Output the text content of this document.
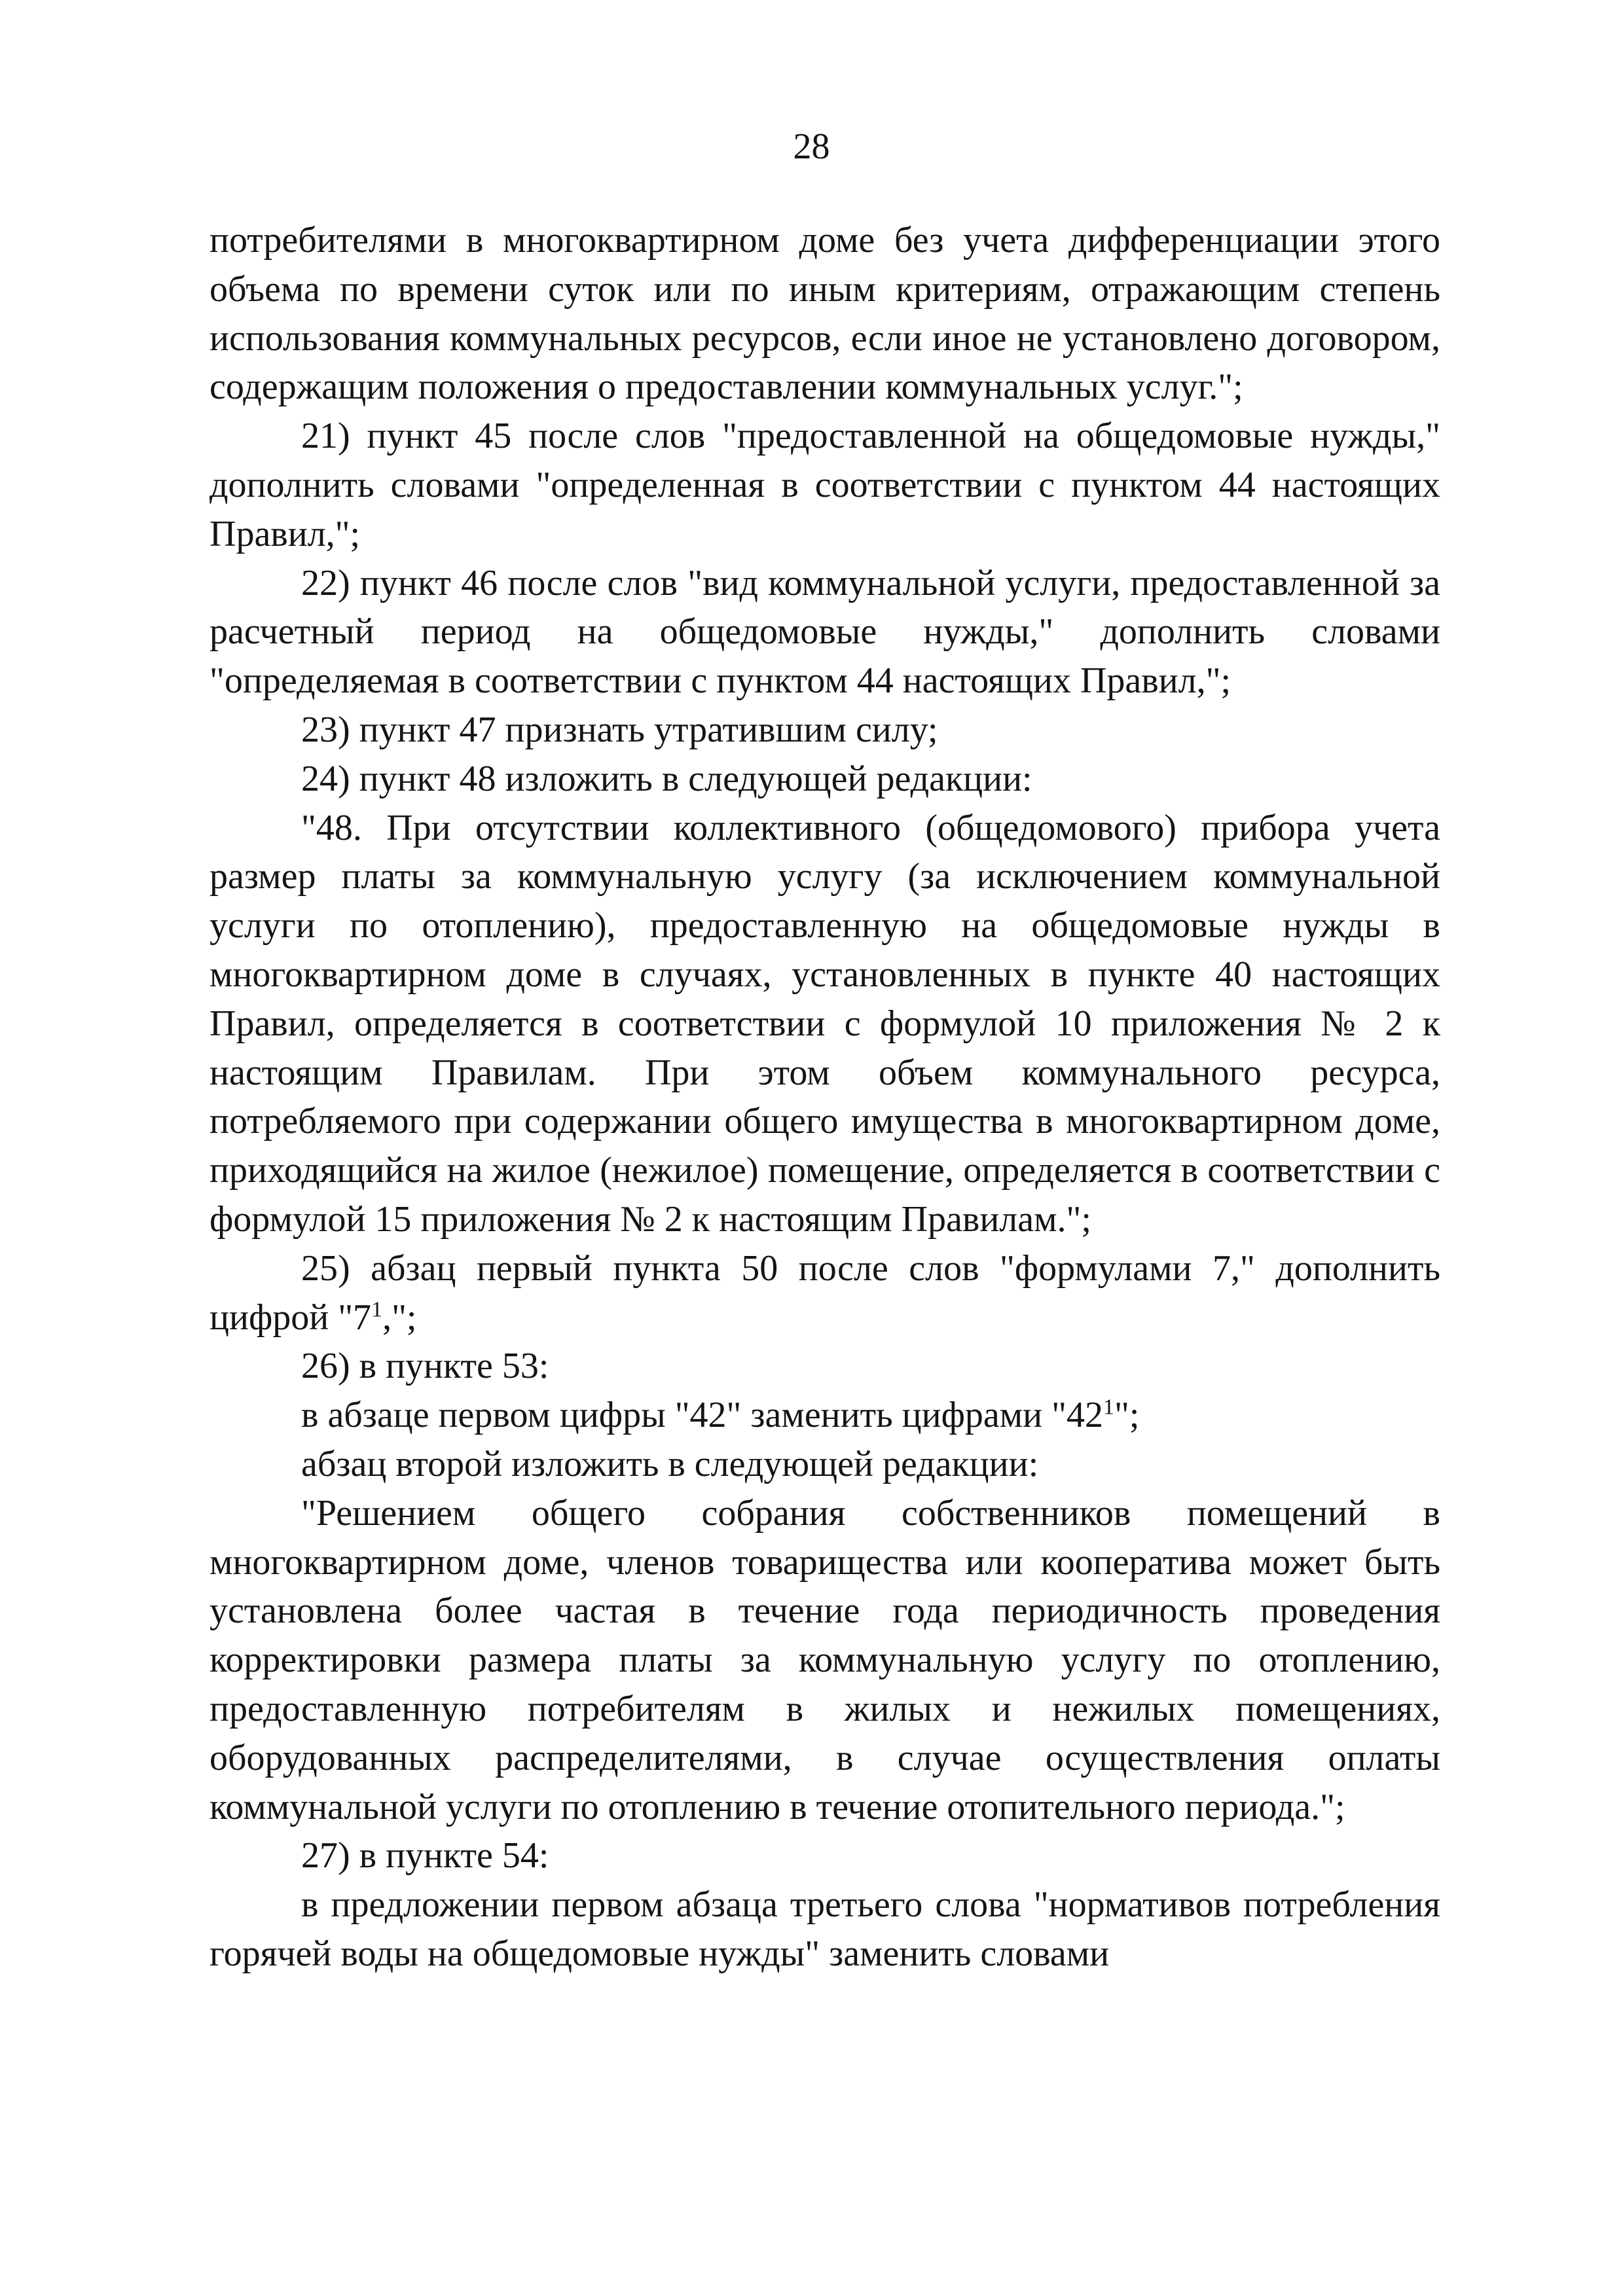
28

потребителями в многоквартирном доме без учета дифференциации этого объема по времени суток или по иным критериям, отражающим степень использования коммунальных ресурсов, если иное не установлено договором, содержащим положения о предоставлении коммунальных услуг.";

21) пункт 45 после слов "предоставленной на общедомовые нужды," дополнить словами "определенная в соответствии с пунктом 44 настоящих Правил,";

22) пункт 46 после слов "вид коммунальной услуги, предоставленной за расчетный период на общедомовые нужды," дополнить словами "определяемая в соответствии с пунктом 44 настоящих Правил,";

23) пункт 47 признать утратившим силу;

24) пункт 48 изложить в следующей редакции:

"48. При отсутствии коллективного (общедомового) прибора учета размер платы за коммунальную услугу (за исключением коммунальной услуги по отоплению), предоставленную на общедомовые нужды в многоквартирном доме в случаях, установленных в пункте 40 настоящих Правил, определяется в соответствии с формулой 10 приложения № 2 к настоящим Правилам. При этом объем коммунального ресурса, потребляемого при содержании общего имущества в многоквартирном доме, приходящийся на жилое (нежилое) помещение, определяется в соответствии с формулой 15 приложения № 2 к настоящим Правилам.";

25) абзац первый пункта 50 после слов "формулами 7," дополнить цифрой "$7^1$,";

26) в пункте 53:

в абзаце первом цифры "42" заменить цифрами "$42^1$";

абзац второй изложить в следующей редакции:

"Решением общего собрания собственников помещений в многоквартирном доме, членов товарищества или кооператива может быть установлена более частая в течение года периодичность проведения корректировки размера платы за коммунальную услугу по отоплению, предоставленную потребителям в жилых и нежилых помещениях, оборудованных распределителями, в случае осуществления оплаты коммунальной услуги по отоплению в течение отопительного периода.";

27) в пункте 54:

в предложении первом абзаца третьего слова "нормативов потребления горячей воды на общедомовые нужды" заменить словами
